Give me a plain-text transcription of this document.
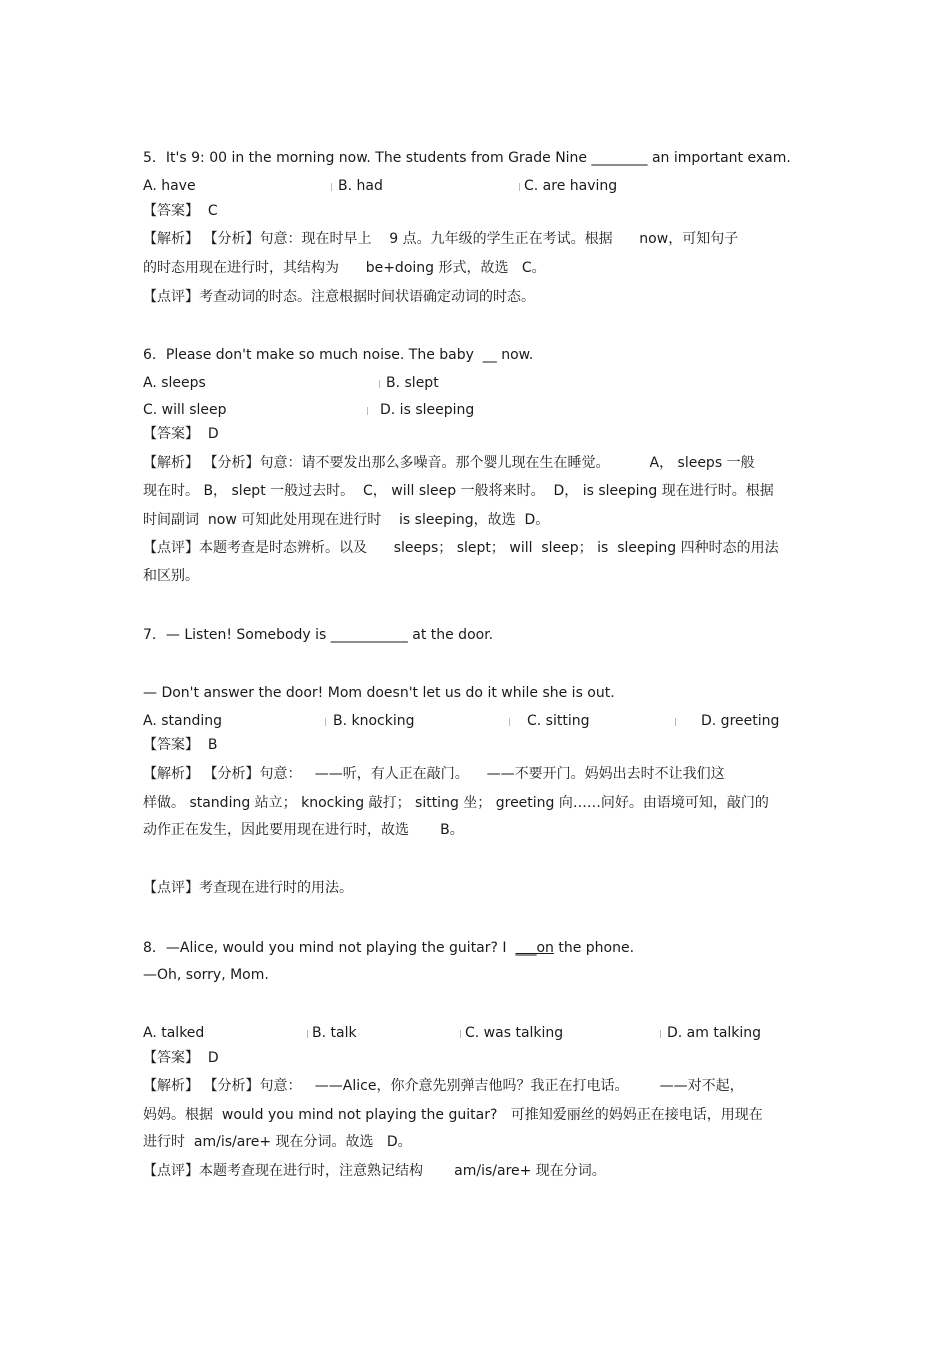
5．It's 9: 00 in the morning now. The students from Grade Nine ________ an important exam.
A. have	B. had	C. are having
【答案】  C
【解析】 【分析】句意：现在时早上    9 点。九年级的学生正在考试。根据      now，可知句子
的时态用现在进行时，其结构为      be+doing 形式，故选   C。
【点评】考查动词的时态。注意根据时间状语确定动词的时态。
6．Please don't make so much noise. The baby  __ now.
A. sleeps	B. slept
C. will sleep	D. is sleeping
【答案】  D
【解析】 【分析】句意：请不要发出那么多噪音。那个婴儿现在生在睡觉。         A， sleeps 一般
现在时。 B， slept 一般过去时。  C， will sleep 一般将来时。  D， is sleeping 现在进行时。根据
时间副词  now 可知此处用现在进行时    is sleeping，故选  D。
【点评】本题考查是时态辨析。以及      sleeps； slept； will  sleep； is  sleeping 四种时态的用法
和区别。
7．— Listen! Somebody is ___________ at the door.
— Don't answer the door! Mom doesn't let us do it while she is out.
A. standing	B. knocking	C. sitting	D. greeting
【答案】  B
【解析】 【分析】句意：   ——听，有人正在敲门。    ——不要开门。妈妈出去时不让我们这
样做。 standing 站立； knocking 敲打； sitting 坐； greeting 向……问好。由语境可知，敲门的
动作正在发生，因此要用现在进行时，故选       B。
【点评】考查现在进行时的用法。
8．—Alice, would you mind not playing the guitar? I  ___on the phone.
—Oh, sorry, Mom.
A. talked	B. talk	C. was talking	D. am talking
【答案】  D
【解析】 【分析】句意：   ——Alice，你介意先别弹吉他吗？我正在打电话。       ——对不起，
妈妈。根据  would you mind not playing the guitar?   可推知爱丽丝的妈妈正在接电话，用现在
进行时  am/is/are+ 现在分词。故选   D。
【点评】本题考查现在进行时，注意熟记结构       am/is/are+ 现在分词。
